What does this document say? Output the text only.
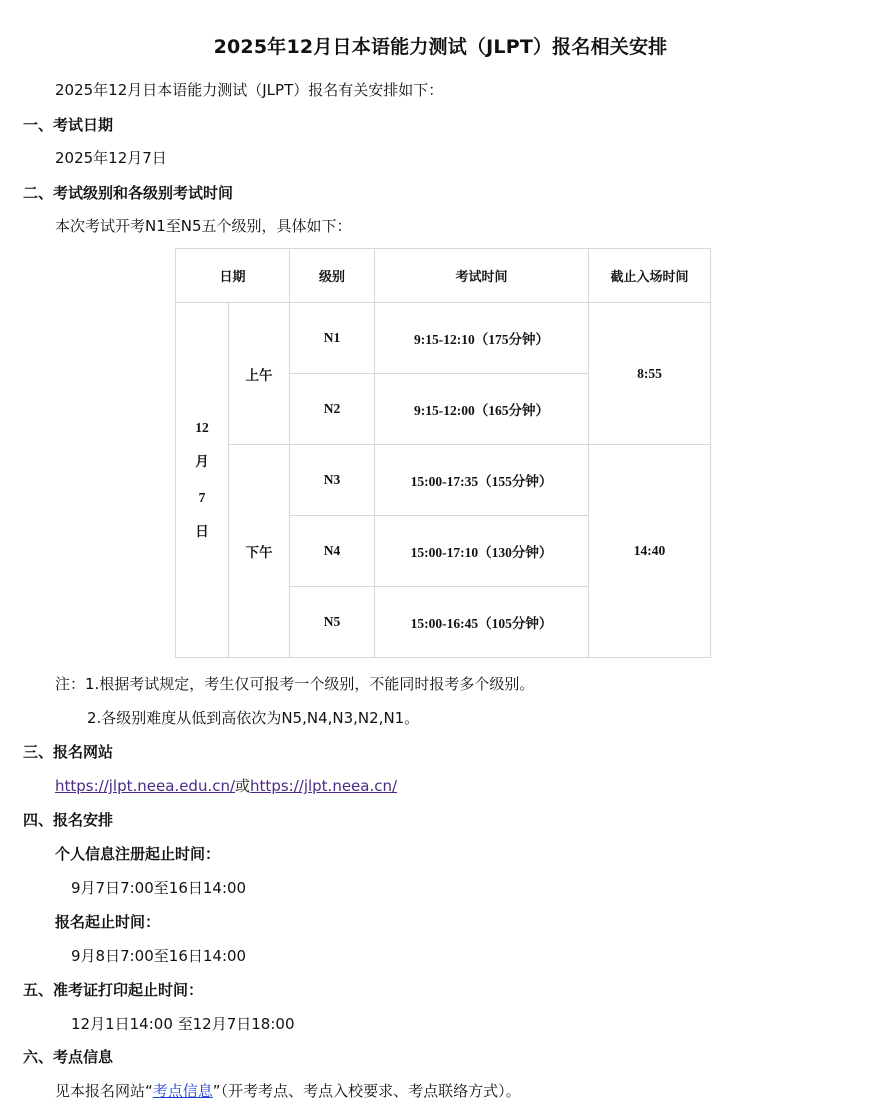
2025年12月日本语能力测试（JLPT）报名相关安排
2025年12月日本语能力测试（JLPT）报名有关安排如下：
一、考试日期
2025年12月7日
二、考试级别和各级别考试时间
本次考试开考N1至N5五个级别，具体如下：
日期		级别	考试时间	截止入场时间

12
月
7
日	上午	N1	9:15-12:10（175分钟）	8:55
		N2	9:15-12:00（165分钟）	
	下午	N3	15:00-17:35（155分钟）	14:40
		N4	15:00-17:10（130分钟）	
		N5	15:00-16:45（105分钟）	
注：1.根据考试规定，考生仅可报考一个级别，不能同时报考多个级别。
2.各级别难度从低到高依次为N5,N4,N3,N2,N1。
三、报名网站
https://jlpt.neea.edu.cn/或https://jlpt.neea.cn/
四、报名安排
个人信息注册起止时间：
9月7日7:00至16日14:00
报名起止时间：
9月8日7:00至16日14:00
五、准考证打印起止时间：
12月1日14:00 至12月7日18:00
六、考点信息
见本报名网站“考点信息”（开考考点、考点入校要求、考点联络方式）。
